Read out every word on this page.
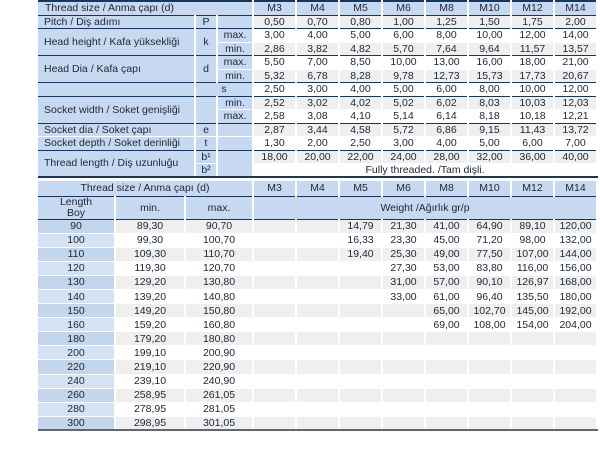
Thread size / Anma çapı (d)			M3	M4	M5	M6	M8	M10	M12	M14
Pitch / Diş adımı	P		0,50	0,70	0,80	1,00	1,25	1,50	1,75	2,00
Head height / Kafa yüksekliği	k	max.	3,00	4,00	5,00	6,00	8,00	10,00	12,00	14,00
		min.	2,86	3,82	4,82	5,70	7,64	9,64	11,57	13,57
Head Dia / Kafa çapı	d	max.	5,50	7,00	8,50	10,00	13,00	16,00	18,00	21,00
		min.	5,32	6,78	8,28	9,78	12,73	15,73	17,73	20,67
	s		2,50	3,00	4,00	5,00	6,00	8,00	10,00	12,00
Socket width / Soket genişliği		min.	2,52	3,02	4,02	5,02	6,02	8,03	10,03	12,03
		max.	2,58	3,08	4,10	5,14	6,14	8,18	10,18	12,21
Socket dia / Soket çapı	e		2,87	3,44	4,58	5,72	6,86	9,15	11,43	13,72
Socket depth / Soket derinliği	t		1,30	2,00	2,50	3,00	4,00	5,00	6,00	7,00
Thread length / Diş uzunluğu	b¹		18,00	20,00	22,00	24,00	28,00	32,00	36,00	40,00
	b²		Fully threaded. /Tam dişli.							
Thread size / Anma çapı (d)			M3	M4	M5	M6	M8	M10	M12	M14

Length
Boy	min.	max.	Weight /Ağırlık gr/p							
90	89,30	90,70			14,79	21,30	41,00	64,90	89,10	120,00
100	99,30	100,70			16,33	23,30	45,00	71,20	98,00	132,00
110	109,30	110,70			19,40	25,30	49,00	77,50	107,00	144,00
120	119,30	120,70				27,30	53,00	83,80	116,00	156,00
130	129,20	130,80				31,00	57,00	90,10	126,97	168,00
140	139,20	140,80				33,00	61,00	96,40	135,50	180,00
150	149,20	150,80					65,00	102,70	145,00	192,00
160	159,20	160,80					69,00	108,00	154,00	204,00
180	179,20	180,80								
200	199,10	200,90								
220	219,10	220,90								
240	239,10	240,90								
260	258,95	261,05								
280	278,95	281,05								
300	298,95	301,05								
